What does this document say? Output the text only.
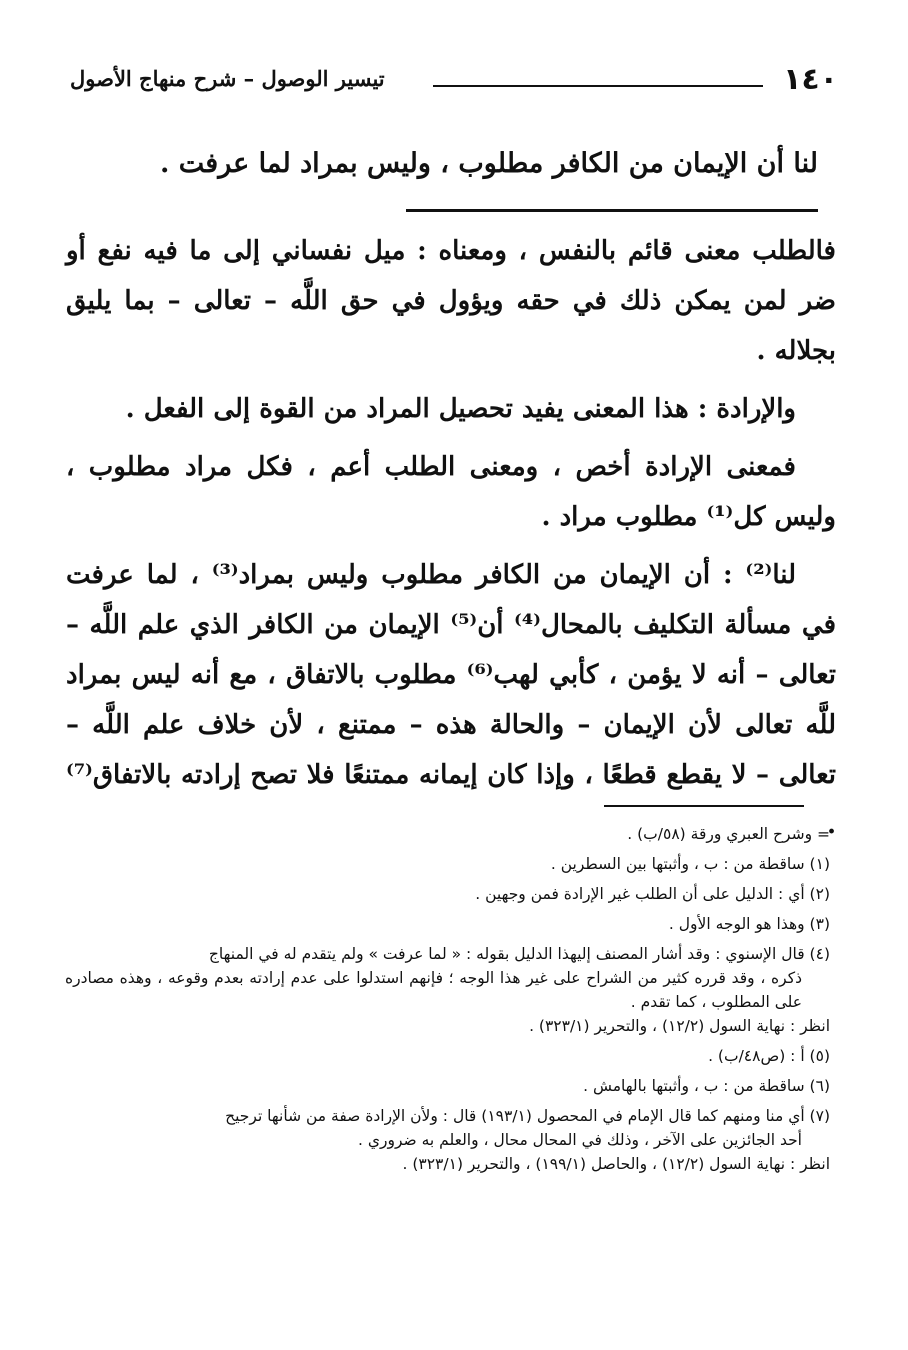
١٤٠
تيسير الوصول – شرح منهاج الأصول
لنا أن الإيمان من الكافر مطلوب ، وليس بمراد لما عرفت .

فالطلب معنى قائم بالنفس ، ومعناه : ميل نفساني إلى ما فيه نفع أو ضر لمن يمكن ذلك في حقه ويؤول في حق اللَّه – تعالى – بما يليق بجلاله .

والإرادة : هذا المعنى يفيد تحصيل المراد من القوة إلى الفعل .

فمعنى الإرادة أخص ، ومعنى الطلب أعم ، فكل مراد مطلوب ، وليس كل⁽¹⁾ مطلوب مراد .

لنا⁽²⁾ : أن الإيمان من الكافر مطلوب وليس بمراد⁽³⁾ ، لما عرفت في مسألة التكليف بالمحال⁽⁴⁾ أن⁽⁵⁾ الإيمان من الكافر الذي علم اللَّه – تعالى – أنه لا يؤمن ، كأبي لهب⁽⁶⁾ مطلوب بالاتفاق ، مع أنه ليس بمراد للَّه تعالى لأن الإيمان – والحالة هذه – ممتنع ، لأن خلاف علم اللَّه – تعالى – لا يقطع قطعًا ، وإذا كان إيمانه ممتنعًا فلا تصح إرادته بالاتفاق⁽⁷⁾ .

= وشرح العبري ورقة (٥٨/ب) .

(١) ساقطة من : ب ، وأثبتها بين السطرين .

(٢) أي : الدليل على أن الطلب غير الإرادة فمن وجهين .

(٣) وهذا هو الوجه الأول .

(٤) قال الإسنوي : وقد أشار المصنف إليهذا الدليل بقوله : « لما عرفت » ولم يتقدم له في المنهاج
ذكره ، وقد قرره كثير من الشراح على غير هذا الوجه ؛ فإنهم استدلوا على عدم إرادته بعدم وقوعه ، وهذه مصادره على المطلوب ، كما تقدم .
انظر : نهاية السول (١٢/٢) ، والتحرير (٣٢٣/١) .

(٥) أ : (ص٤٨/ب) .

(٦) ساقطة من : ب ، وأثبتها بالهامش .

(٧) أي منا ومنهم كما قال الإمام في المحصول (١٩٣/١) قال : ولأن الإرادة صفة من شأنها ترجيح
أحد الجائزين على الآخر ، وذلك في المحال محال ، والعلم به ضروري .
انظر : نهاية السول (١٢/٢) ، والحاصل (١٩٩/١) ، والتحرير (٣٢٣/١) .
